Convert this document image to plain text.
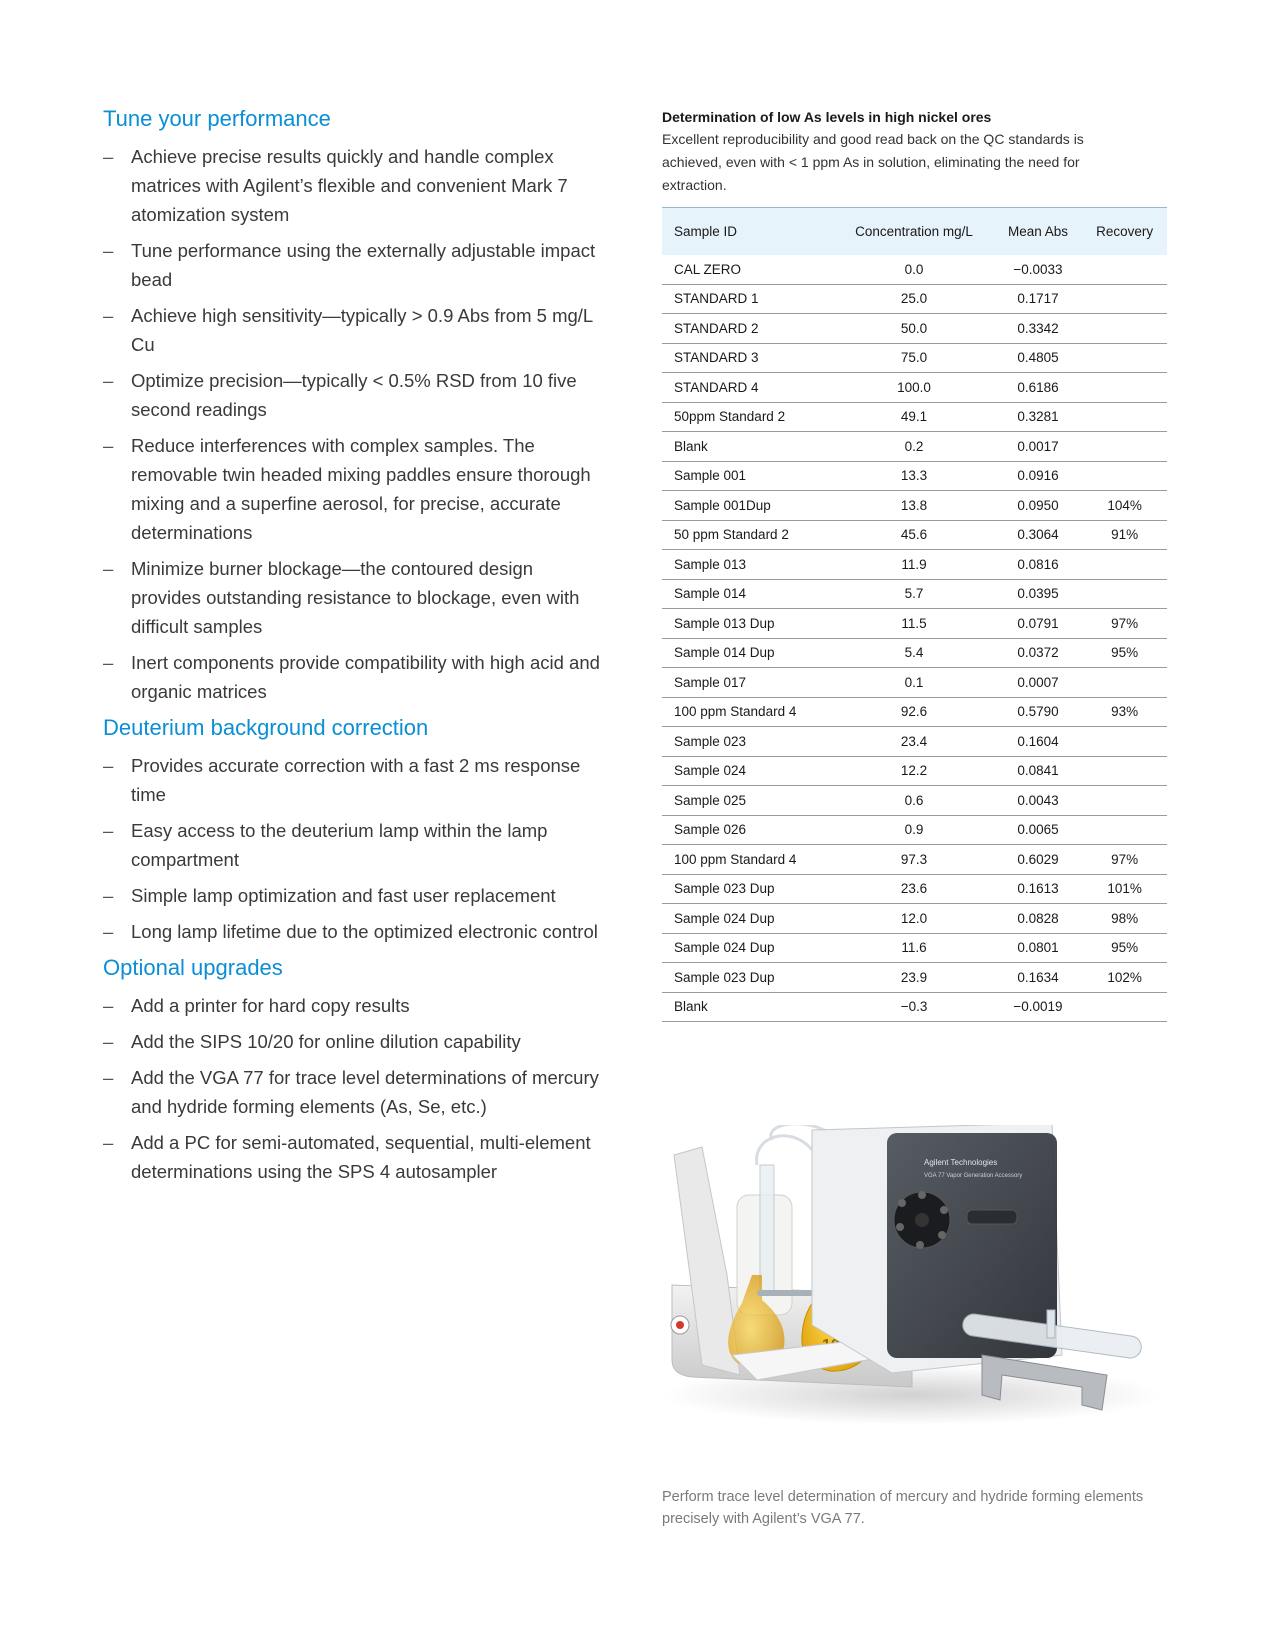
Tune your performance
– Achieve precise results quickly and handle complex matrices with Agilent’s flexible and convenient Mark 7 atomization system
– Tune performance using the externally adjustable impact bead
– Achieve high sensitivity—typically > 0.9 Abs from 5 mg/L Cu
– Optimize precision—typically < 0.5% RSD from 10 five second readings
– Reduce interferences with complex samples. The removable twin headed mixing paddles ensure thorough mixing and a superfine aerosol, for precise, accurate determinations
– Minimize burner blockage—the contoured design provides outstanding resistance to blockage, even with difficult samples
– Inert components provide compatibility with high acid and organic matrices
Deuterium background correction
– Provides accurate correction with a fast 2 ms response time
– Easy access to the deuterium lamp within the lamp compartment
– Simple lamp optimization and fast user replacement
– Long lamp lifetime due to the optimized electronic control
Optional upgrades
– Add a printer for hard copy results
– Add the SIPS 10/20 for online dilution capability
– Add the VGA 77 for trace level determinations of mercury and hydride forming elements (As, Se, etc.)
– Add a PC for semi-automated, sequential, multi-element determinations using the SPS 4 autosampler

Determination of low As levels in high nickel ores

Excellent reproducibility and good read back on the QC standards is achieved, even with < 1 ppm As in solution, eliminating the need for extraction.

Sample ID	Concentration mg/L	Mean Abs	Recovery
CAL ZERO	0.0	−0.0033	
STANDARD 1	25.0	0.1717	
STANDARD 2	50.0	0.3342	
STANDARD 3	75.0	0.4805	
STANDARD 4	100.0	0.6186	
50ppm Standard 2	49.1	0.3281	
Blank	0.2	0.0017	
Sample 001	13.3	0.0916	
Sample 001Dup	13.8	0.0950	104%
50 ppm Standard 2	45.6	0.3064	91%
Sample 013	11.9	0.0816	
Sample 014	5.7	0.0395	
Sample 013 Dup	11.5	0.0791	97%
Sample 014 Dup	5.4	0.0372	95%
Sample 017	0.1	0.0007	
100 ppm Standard 4	92.6	0.5790	93%
Sample 023	23.4	0.1604	
Sample 024	12.2	0.0841	
Sample 025	0.6	0.0043	
Sample 026	0.9	0.0065	
100 ppm Standard 4	97.3	0.6029	97%
Sample 023 Dup	23.6	0.1613	101%
Sample 024 Dup	12.0	0.0828	98%
Sample 024 Dup	11.6	0.0801	95%
Sample 023 Dup	23.9	0.1634	102%
Blank	−0.3	−0.0019	
Agilent Technologies
VGA 77 Vapor Generation Accessory

Perform trace level determination of mercury and hydride forming elements precisely with Agilent’s VGA 77.
